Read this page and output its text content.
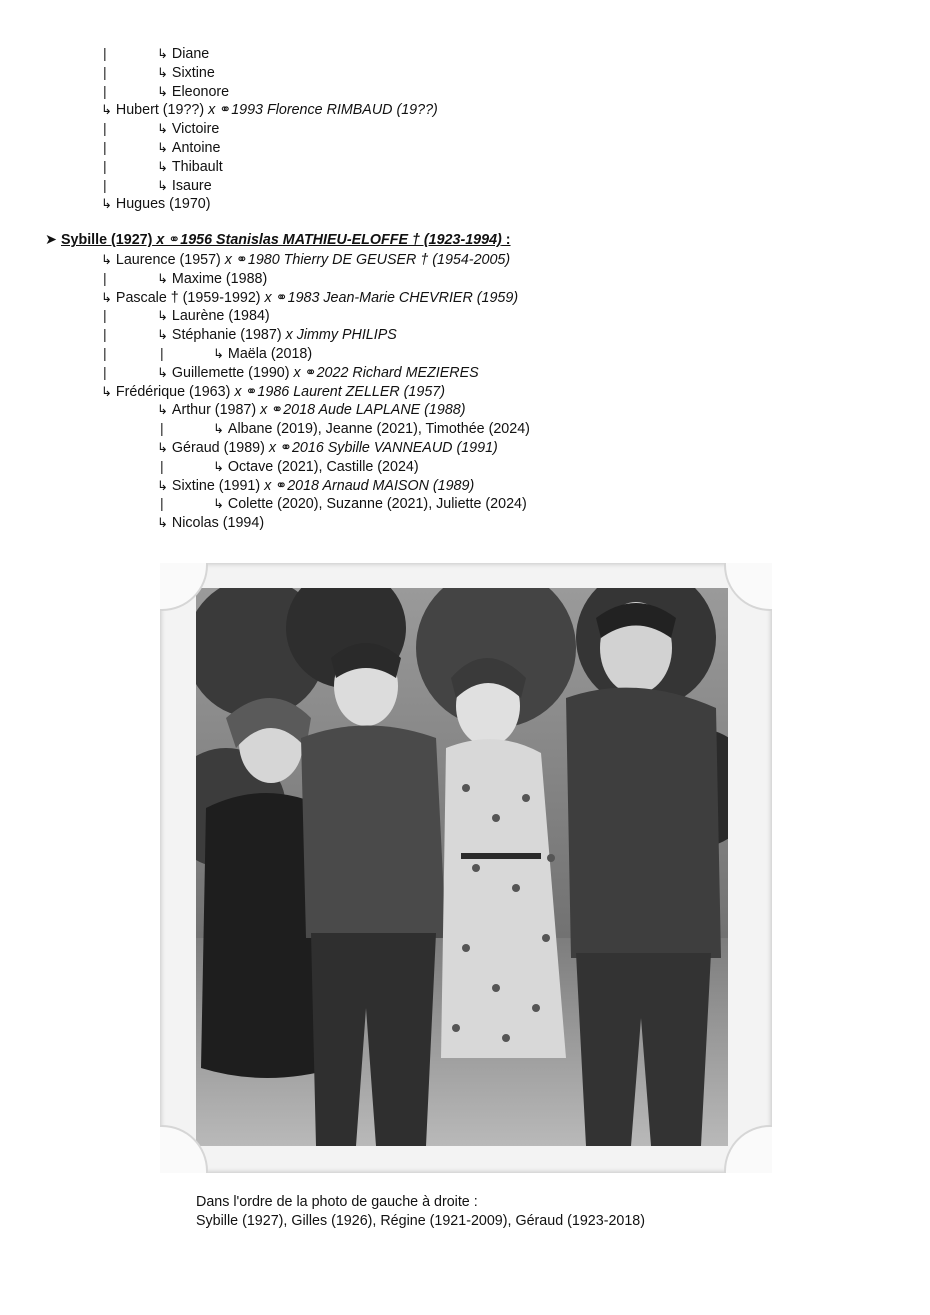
↳ Diane
|
↳ Sixtine
|
↳ Eleonore
|
↳ Hubert (19??) x ⚭1993 Florence RIMBAUD (19??)
↳ Victoire
|
↳ Antoine
|
↳ Thibault
|
↳ Isaure
|
↳ Hugues (1970)
➤ Sybille (1927) x ⚭1956 Stanislas MATHIEU-ELOFFE † (1923-1994) :
↳ Laurence (1957) x ⚭1980 Thierry DE GEUSER † (1954-2005)
↳ Maxime (1988)
|
↳ Pascale † (1959-1992) x ⚭1983 Jean-Marie CHEVRIER (1959)
↳ Laurène (1984)
|
↳ Stéphanie (1987) x Jimmy PHILIPS
|
↳ Maëla (2018)
|	|
↳ Guillemette (1990) x ⚭2022 Richard MEZIERES
|
↳ Frédérique (1963) x ⚭1986 Laurent ZELLER (1957)
↳ Arthur (1987) x ⚭2018 Aude LAPLANE (1988)
↳ Albane (2019), Jeanne (2021), Timothée (2024)
|
↳ Géraud (1989) x ⚭2016 Sybille VANNEAUD (1991)
↳ Octave (2021), Castille (2024)
|
↳ Sixtine (1991) x ⚭2018 Arnaud MAISON (1989)
↳ Colette (2020), Suzanne (2021), Juliette (2024)
|
↳ Nicolas (1994)
Dans l'ordre de la photo de gauche à droite :
Sybille (1927), Gilles (1926), Régine (1921-2009), Géraud (1923-2018)
